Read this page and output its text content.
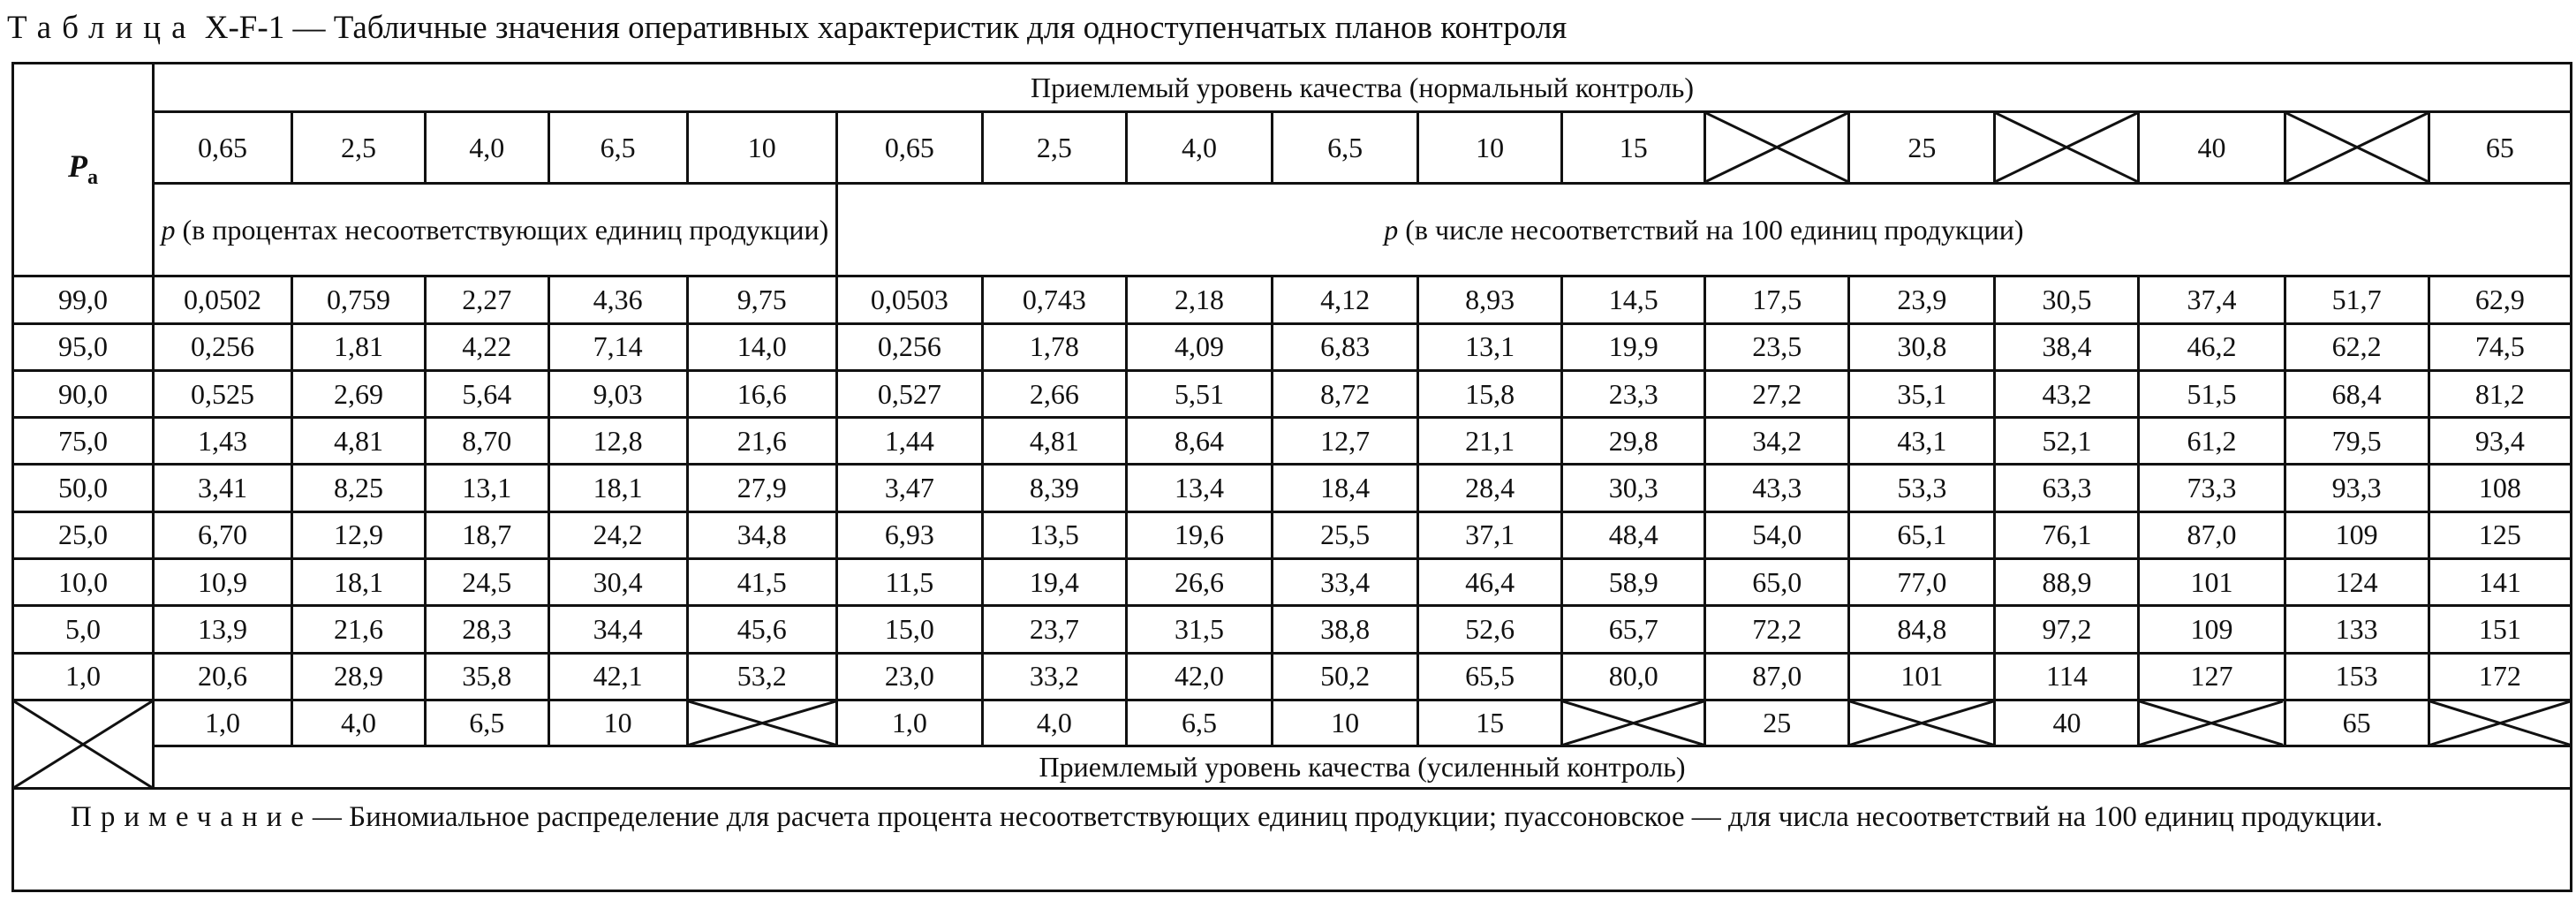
Таблица X-F-1 — Табличные значения оперативных характеристик для одноступенчатых планов контроля
$P_a$	Приемлемый уровень качества (нормальный контроль)																
	0,65	2,5	4,0	6,5	10	0,65	2,5	4,0	6,5	10	15		25		40		65
	p (в процентах несоответствующих единиц продукции)					p (в числе несоответствий на 100 единиц продукции)											
99,0	0,0502	0,759	2,27	4,36	9,75	0,0503	0,743	2,18	4,12	8,93	14,5	17,5	23,9	30,5	37,4	51,7	62,9
95,0	0,256	1,81	4,22	7,14	14,0	0,256	1,78	4,09	6,83	13,1	19,9	23,5	30,8	38,4	46,2	62,2	74,5
90,0	0,525	2,69	5,64	9,03	16,6	0,527	2,66	5,51	8,72	15,8	23,3	27,2	35,1	43,2	51,5	68,4	81,2
75,0	1,43	4,81	8,70	12,8	21,6	1,44	4,81	8,64	12,7	21,1	29,8	34,2	43,1	52,1	61,2	79,5	93,4
50,0	3,41	8,25	13,1	18,1	27,9	3,47	8,39	13,4	18,4	28,4	30,3	43,3	53,3	63,3	73,3	93,3	108
25,0	6,70	12,9	18,7	24,2	34,8	6,93	13,5	19,6	25,5	37,1	48,4	54,0	65,1	76,1	87,0	109	125
10,0	10,9	18,1	24,5	30,4	41,5	11,5	19,4	26,6	33,4	46,4	58,9	65,0	77,0	88,9	101	124	141
5,0	13,9	21,6	28,3	34,4	45,6	15,0	23,7	31,5	38,8	52,6	65,7	72,2	84,8	97,2	109	133	151
1,0	20,6	28,9	35,8	42,1	53,2	23,0	33,2	42,0	50,2	65,5	80,0	87,0	101	114	127	153	172

	1,0	4,0	6,5	10		1,0	4,0	6,5	10	15		25		40		65	

	Приемлемый уровень качества (усиленный контроль)																
Примечание— Биномиальное распределение для расчета процента несоответствующих единиц продукции; пуассоновское — для числа несоответствий на 100 единиц продукции.																	
